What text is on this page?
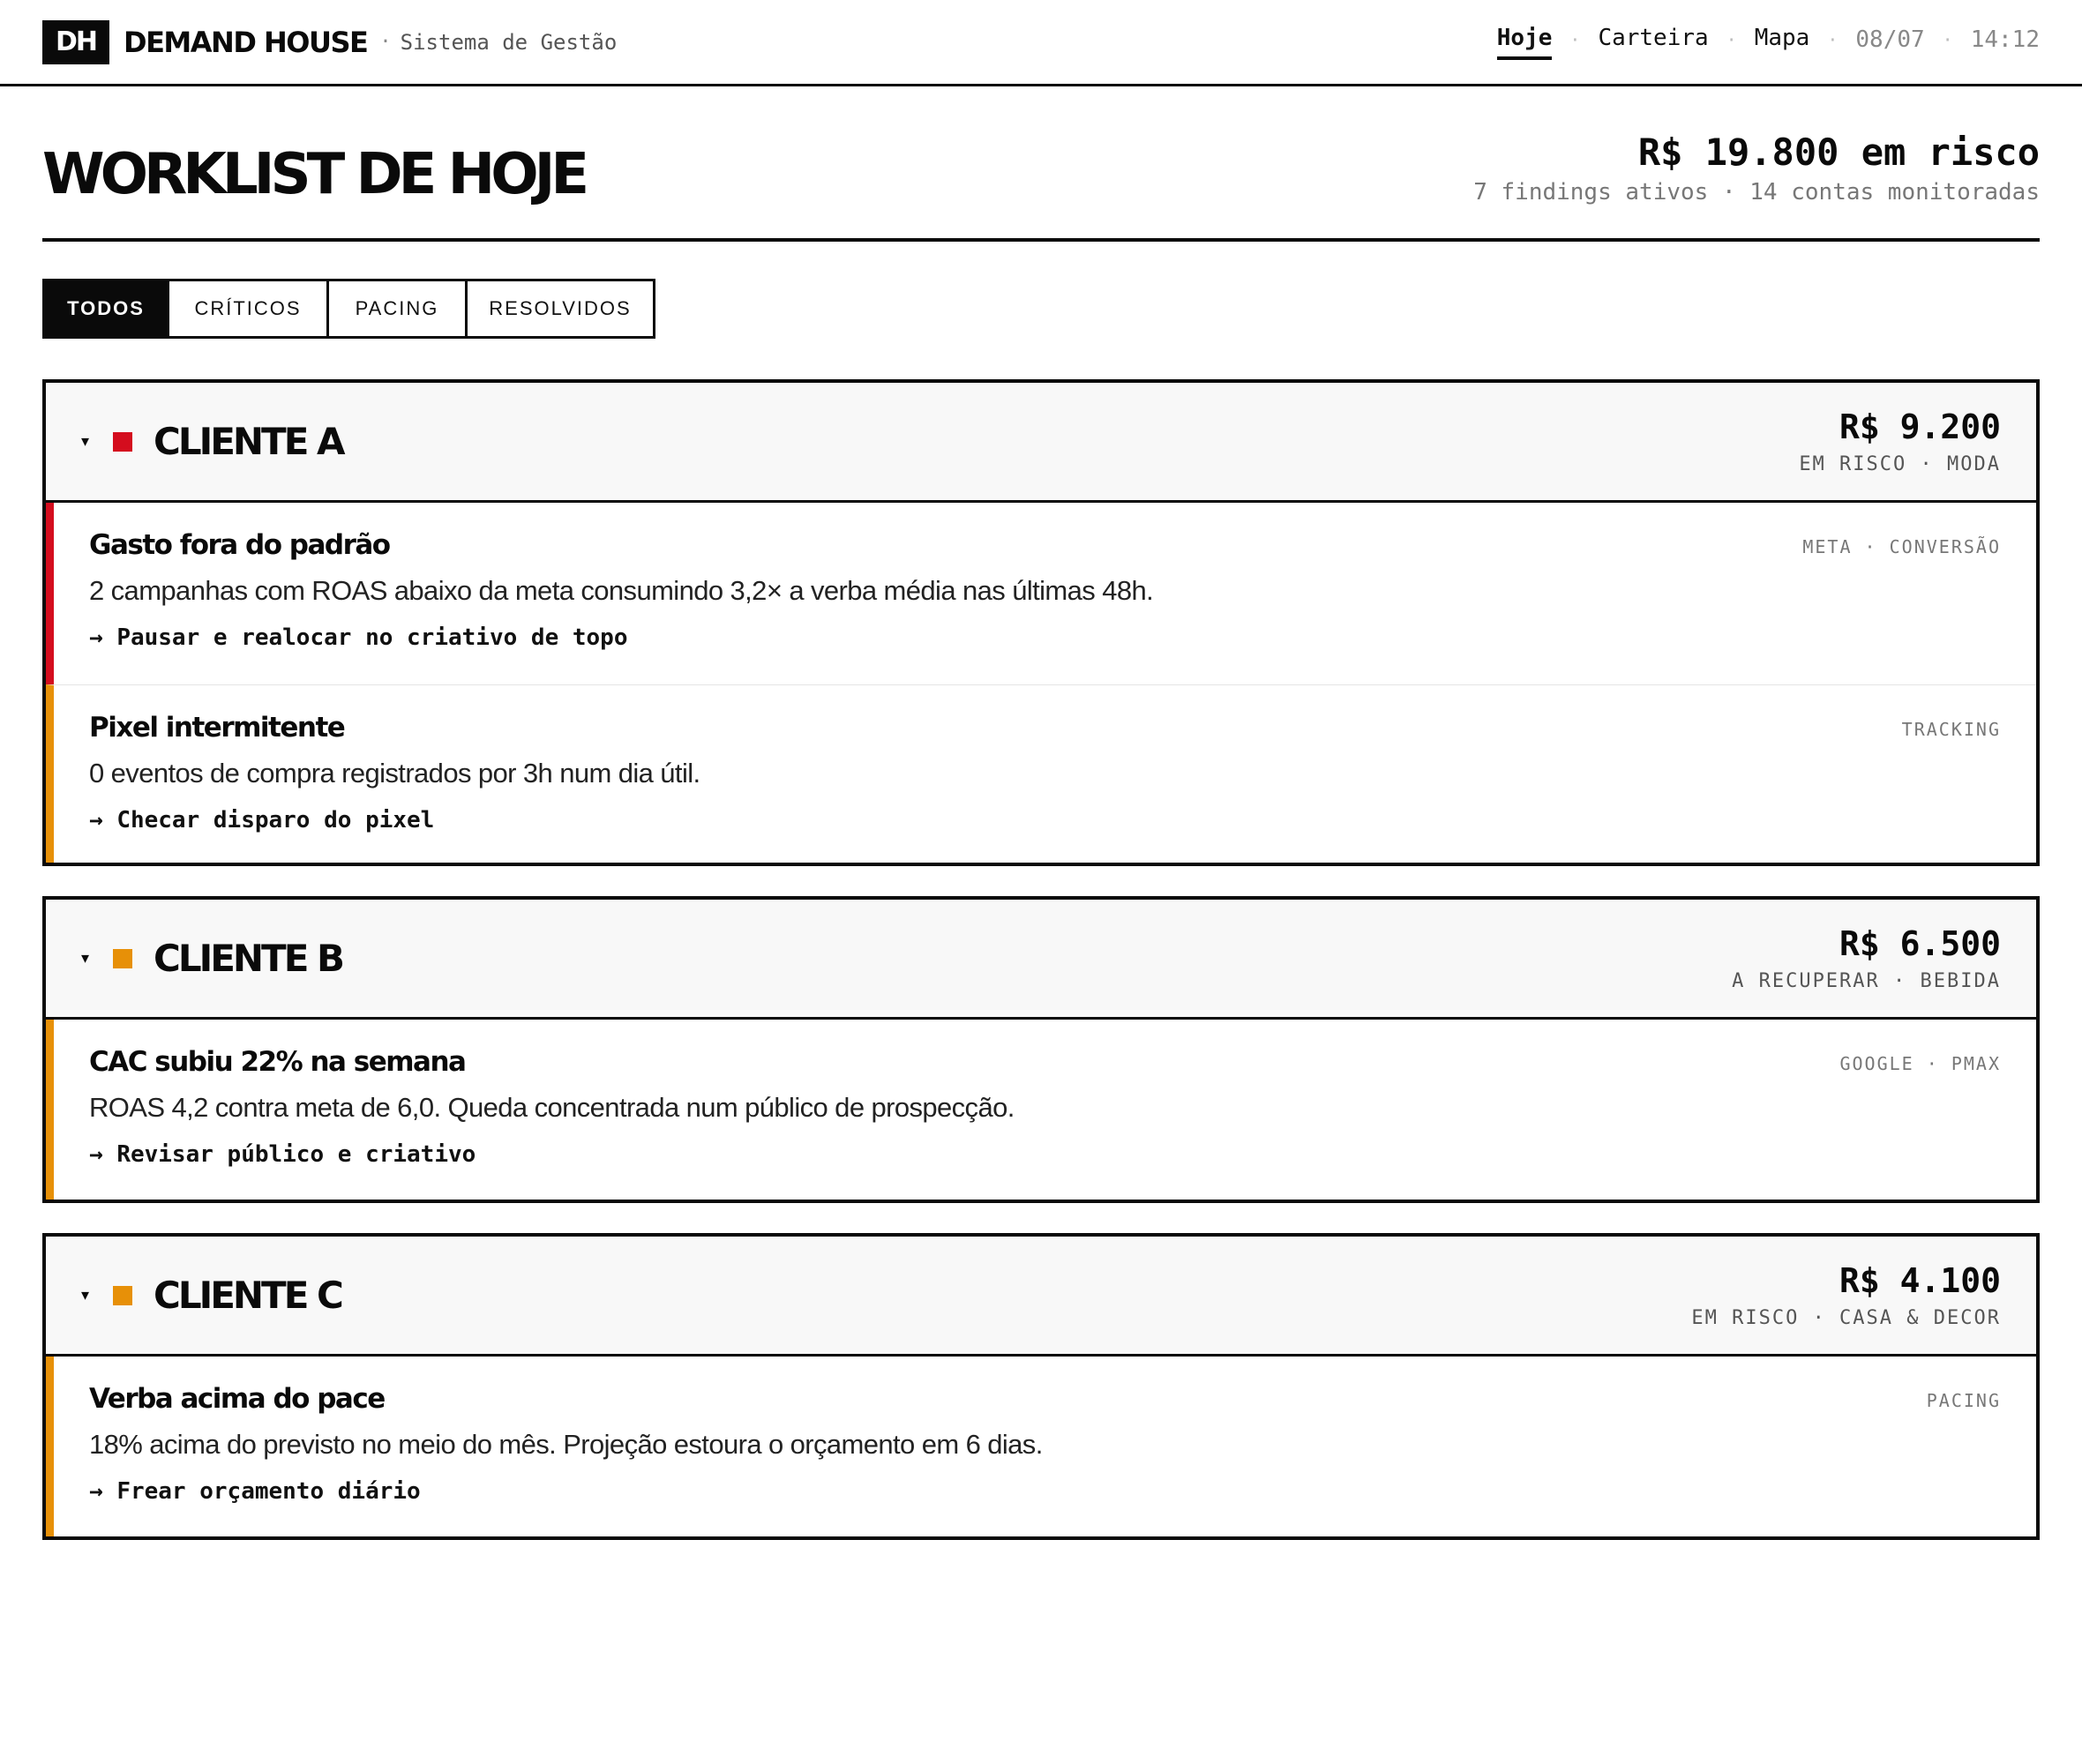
DH DEMAND HOUSE · Sistema de Gestão	Hoje · Carteira · Mapa · 08/07 · 14:12
WORKLIST DE HOJE	R$ 19.800 em risco
7 findings ativos · 14 contas monitoradas
TODOS	CRÍTICOS	PACING	RESOLVIDOS
▾ CLIENTE A	R$ 9.200
EM RISCO · MODA
Gasto fora do padrão	META · CONVERSÃO
2 campanhas com ROAS abaixo da meta consumindo 3,2× a verba média nas últimas 48h.
→ Pausar e realocar no criativo de topo
Pixel intermitente	TRACKING
0 eventos de compra registrados por 3h num dia útil.
→ Checar disparo do pixel
▾ CLIENTE B	R$ 6.500
A RECUPERAR · BEBIDA
CAC subiu 22% na semana	GOOGLE · PMAX
ROAS 4,2 contra meta de 6,0. Queda concentrada num público de prospecção.
→ Revisar público e criativo
▾ CLIENTE C	R$ 4.100
EM RISCO · CASA & DECOR
Verba acima do pace	PACING
18% acima do previsto no meio do mês. Projeção estoura o orçamento em 6 dias.
→ Frear orçamento diário
